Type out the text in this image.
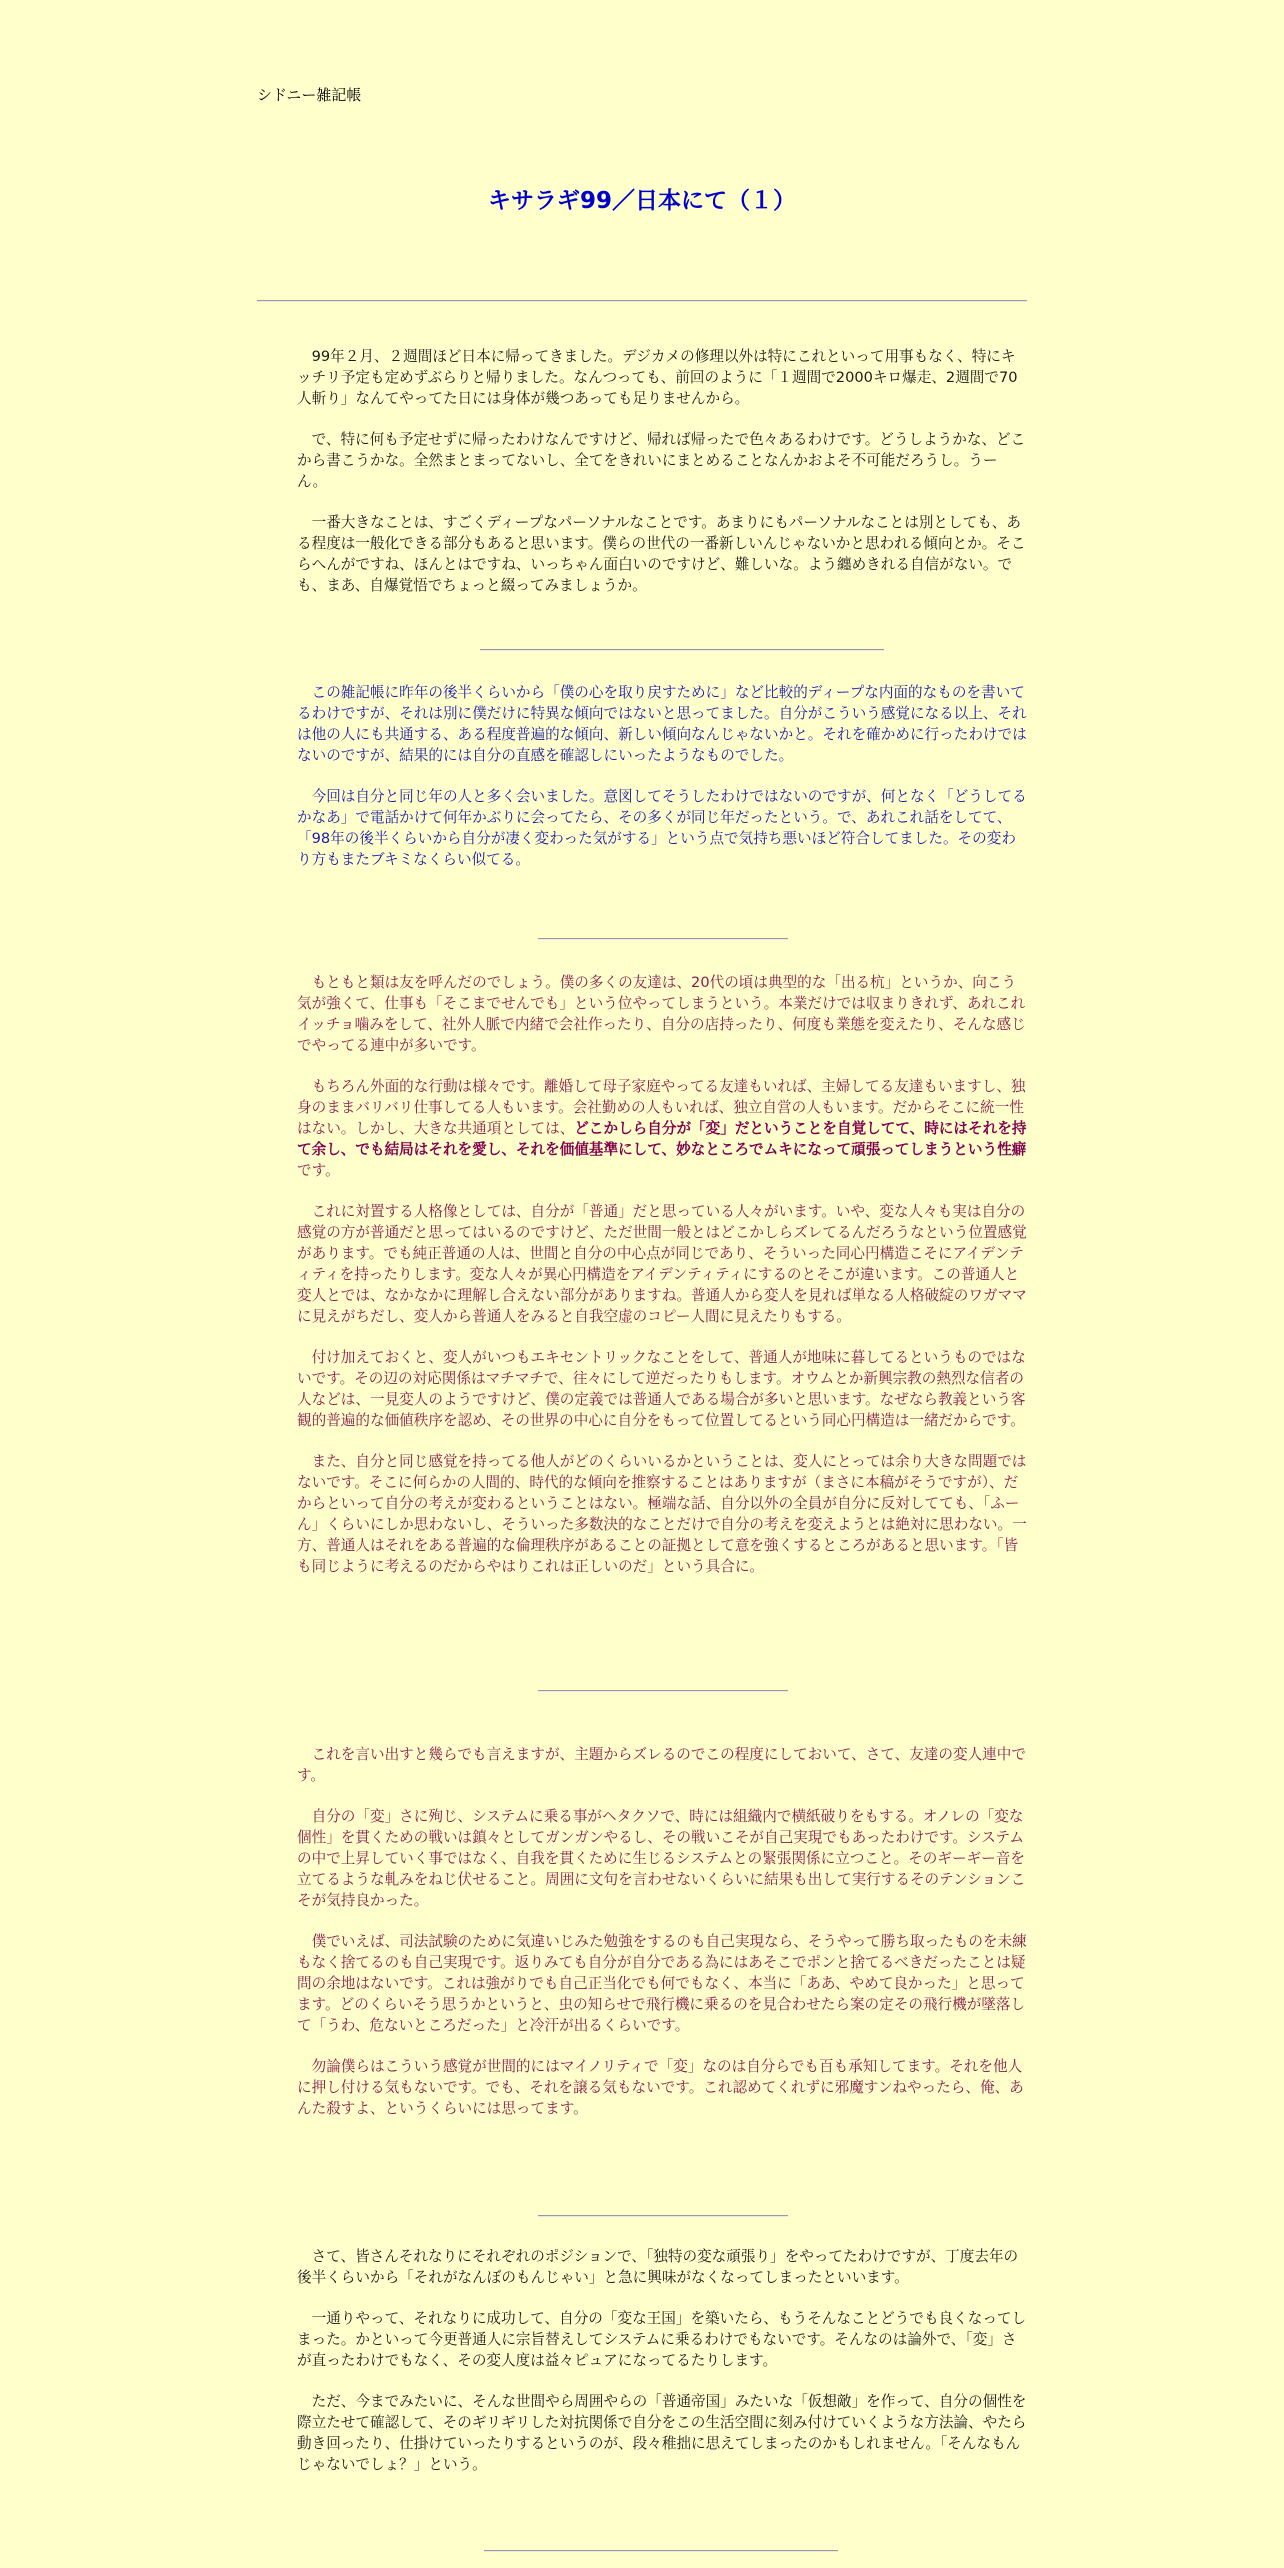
シドニー雑記帳
キサラギ99／日本にて（１）

99年２月、２週間ほど日本に帰ってきました。デジカメの修理以外は特にこれといって用事もなく、特にキッチリ予定も定めずぶらりと帰りました。なんつっても、前回のように「１週間で2000キロ爆走、2週間で70人斬り」なんてやってた日には身体が幾つあっても足りませんから。

で、特に何も予定せずに帰ったわけなんですけど、帰れば帰ったで色々あるわけです。どうしようかな、どこから書こうかな。全然まとまってないし、全てをきれいにまとめることなんかおよそ不可能だろうし。うーん。

一番大きなことは、すごくディープなパーソナルなことです。あまりにもパーソナルなことは別としても、ある程度は一般化できる部分もあると思います。僕らの世代の一番新しいんじゃないかと思われる傾向とか。そこらへんがですね、ほんとはですね、いっちゃん面白いのですけど、難しいな。よう纏めきれる自信がない。でも、まあ、自爆覚悟でちょっと綴ってみましょうか。

この雑記帳に昨年の後半くらいから「僕の心を取り戻すために」など比較的ディープな内面的なものを書いてるわけですが、それは別に僕だけに特異な傾向ではないと思ってました。自分がこういう感覚になる以上、それは他の人にも共通する、ある程度普遍的な傾向、新しい傾向なんじゃないかと。それを確かめに行ったわけではないのですが、結果的には自分の直感を確認しにいったようなものでした。

今回は自分と同じ年の人と多く会いました。意図してそうしたわけではないのですが、何となく「どうしてるかなあ」で電話かけて何年かぶりに会ってたら、その多くが同じ年だったという。で、あれこれ話をしてて、「98年の後半くらいから自分が凄く変わった気がする」という点で気持ち悪いほど符合してました。その変わり方もまたブキミなくらい似てる。

もともと類は友を呼んだのでしょう。僕の多くの友達は、20代の頃は典型的な「出る杭」というか、向こう気が強くて、仕事も「そこまでせんでも」という位やってしまうという。本業だけでは収まりきれず、あれこれイッチョ噛みをして、社外人脈で内緒で会社作ったり、自分の店持ったり、何度も業態を変えたり、そんな感じでやってる連中が多いです。

もちろん外面的な行動は様々です。離婚して母子家庭やってる友達もいれば、主婦してる友達もいますし、独身のままバリバリ仕事してる人もいます。会社勤めの人もいれば、独立自営の人もいます。だからそこに統一性はない。しかし、大きな共通項としては、どこかしら自分が「変」だということを自覚してて、時にはそれを持て余し、でも結局はそれを愛し、それを価値基準にして、妙なところでムキになって頑張ってしまうという性癖です。

これに対置する人格像としては、自分が「普通」だと思っている人々がいます。いや、変な人々も実は自分の感覚の方が普通だと思ってはいるのですけど、ただ世間一般とはどこかしらズレてるんだろうなという位置感覚があります。でも純正普通の人は、世間と自分の中心点が同じであり、そういった同心円構造こそにアイデンティティを持ったりします。変な人々が異心円構造をアイデンティティにするのとそこが違います。この普通人と変人とでは、なかなかに理解し合えない部分がありますね。普通人から変人を見れば単なる人格破綻のワガママに見えがちだし、変人から普通人をみると自我空虚のコピー人間に見えたりもする。

付け加えておくと、変人がいつもエキセントリックなことをして、普通人が地味に暮してるというものではないです。その辺の対応関係はマチマチで、往々にして逆だったりもします。オウムとか新興宗教の熱烈な信者の人などは、一見変人のようですけど、僕の定義では普通人である場合が多いと思います。なぜなら教義という客観的普遍的な価値秩序を認め、その世界の中心に自分をもって位置してるという同心円構造は一緒だからです。

また、自分と同じ感覚を持ってる他人がどのくらいいるかということは、変人にとっては余り大きな問題ではないです。そこに何らかの人間的、時代的な傾向を推察することはありますが（まさに本稿がそうですが）、だからといって自分の考えが変わるということはない。極端な話、自分以外の全員が自分に反対してても、「ふーん」くらいにしか思わないし、そういった多数決的なことだけで自分の考えを変えようとは絶対に思わない。一方、普通人はそれをある普遍的な倫理秩序があることの証拠として意を強くするところがあると思います。「皆も同じように考えるのだからやはりこれは正しいのだ」という具合に。

これを言い出すと幾らでも言えますが、主題からズレるのでこの程度にしておいて、さて、友達の変人連中です。

自分の「変」さに殉じ、システムに乗る事がヘタクソで、時には組織内で横紙破りをもする。オノレの「変な個性」を貫くための戦いは鎮々としてガンガンやるし、その戦いこそが自己実現でもあったわけです。システムの中で上昇していく事ではなく、自我を貫くために生じるシステムとの緊張関係に立つこと。そのギーギー音を立てるような軋みをねじ伏せること。周囲に文句を言わせないくらいに結果も出して実行するそのテンションこそが気持良かった。

僕でいえば、司法試験のために気違いじみた勉強をするのも自己実現なら、そうやって勝ち取ったものを未練もなく捨てるのも自己実現です。返りみても自分が自分である為にはあそこでポンと捨てるべきだったことは疑問の余地はないです。これは強がりでも自己正当化でも何でもなく、本当に「ああ、やめて良かった」と思ってます。どのくらいそう思うかというと、虫の知らせで飛行機に乗るのを見合わせたら案の定その飛行機が墜落して「うわ、危ないところだった」と冷汗が出るくらいです。

勿論僕らはこういう感覚が世間的にはマイノリティで「変」なのは自分らでも百も承知してます。それを他人に押し付ける気もないです。でも、それを譲る気もないです。これ認めてくれずに邪魔すンねやったら、俺、あんた殺すよ、というくらいには思ってます。

さて、皆さんそれなりにそれぞれのポジションで、「独特の変な頑張り」をやってたわけですが、丁度去年の後半くらいから「それがなんぼのもんじゃい」と急に興味がなくなってしまったといいます。

一通りやって、それなりに成功して、自分の「変な王国」を築いたら、もうそんなことどうでも良くなってしまった。かといって今更普通人に宗旨替えしてシステムに乗るわけでもないです。そんなのは論外で、「変」さが直ったわけでもなく、その変人度は益々ピュアになってるたりします。

ただ、今までみたいに、そんな世間やら周囲やらの「普通帝国」みたいな「仮想敵」を作って、自分の個性を際立たせて確認して、そのギリギリした対抗関係で自分をこの生活空間に刻み付けていくような方法論、やたら動き回ったり、仕掛けていったりするというのが、段々稚拙に思えてしまったのかもしれません。「そんなもんじゃないでしょ？」という。
